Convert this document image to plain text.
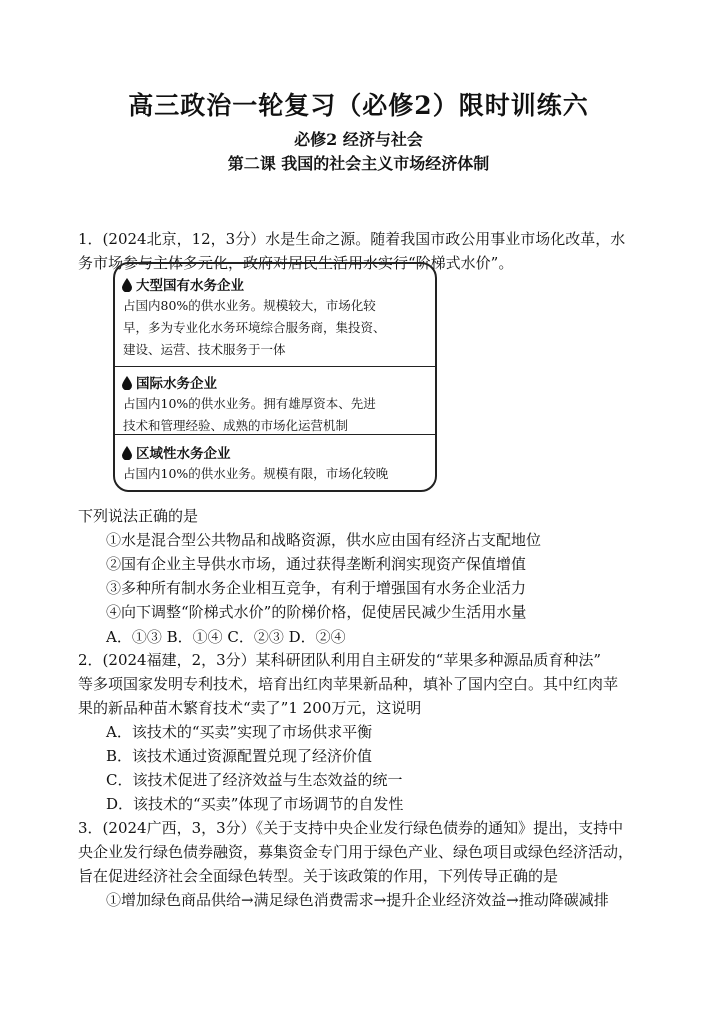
高三政治一轮复习（必修2）限时训练六
必修2 经济与社会
第二课 我国的社会主义市场经济体制
1．(2024北京，12，3分）水是生命之源。随着我国市政公用事业市场化改革，水
务市场参与主体多元化，政府对居民生活用水实行“阶梯式水价”。
大型国有水务企业
占国内80%的供水业务。规模较大，市场化较
早，多为专业化水务环境综合服务商，集投资、
建设、运营、技术服务于一体
国际水务企业
占国内10%的供水业务。拥有雄厚资本、先进
技术和管理经验、成熟的市场化运营机制
区域性水务企业
占国内10%的供水业务。规模有限，市场化较晚
下列说法正确的是
①水是混合型公共物品和战略资源，供水应由国有经济占支配地位
②国有企业主导供水市场，通过获得垄断利润实现资产保值增值
③多种所有制水务企业相互竞争，有利于增强国有水务企业活力
④向下调整“阶梯式水价”的阶梯价格，促使居民减少生活用水量
A．①③ B．①④ C．②③ D．②④
2．(2024福建，2，3分）某科研团队利用自主研发的“苹果多种源品质育种法”
等多项国家发明专利技术，培育出红肉苹果新品种，填补了国内空白。其中红肉苹
果的新品种苗木繁育技术“卖了”1 200万元，这说明
A．该技术的“买卖”实现了市场供求平衡
B．该技术通过资源配置兑现了经济价值
C．该技术促进了经济效益与生态效益的统一
D．该技术的“买卖”体现了市场调节的自发性
3．(2024广西，3，3分）《关于支持中央企业发行绿色债券的通知》提出，支持中
央企业发行绿色债券融资，募集资金专门用于绿色产业、绿色项目或绿色经济活动，
旨在促进经济社会全面绿色转型。关于该政策的作用，下列传导正确的是
①增加绿色商品供给→满足绿色消费需求→提升企业经济效益→推动降碳减排
